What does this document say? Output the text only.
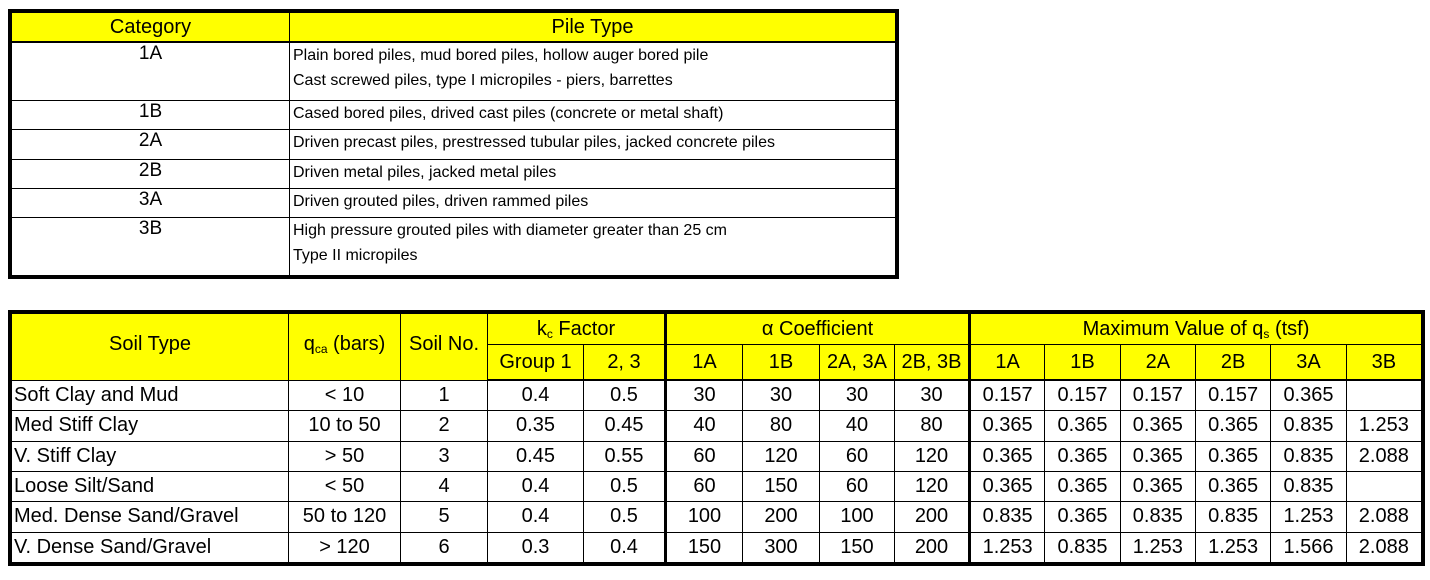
Category	Pile Type
1A	Plain bored piles, mud bored piles, hollow auger bored pile
Cast screwed piles, type I micropiles - piers, barrettes

1B	Cased bored piles, drived cast piles (concrete or metal shaft)

2A	Driven precast piles, prestressed tubular piles, jacked concrete piles

2B	Driven metal piles, jacked metal piles

3A	Driven grouted piles, driven rammed piles

3B	High pressure grouted piles with diameter greater than 25 cm
Type II micropiles
Soil Type	$q_{ca}$ (bars)	Soil No.	$k_c$ Factor		α Coefficient				Maximum Value of $q_s$ (tsf)					
			Group 1	2, 3	1A	1B	2A, 3A	2B, 3B	1A	1B	2A	2B	3A	3B
Soft Clay and Mud	< 10	1	0.4	0.5	30	30	30	30	0.157	0.157	0.157	0.157	0.365	
Med Stiff Clay	10 to 50	2	0.35	0.45	40	80	40	80	0.365	0.365	0.365	0.365	0.835	1.253
V. Stiff Clay	> 50	3	0.45	0.55	60	120	60	120	0.365	0.365	0.365	0.365	0.835	2.088
Loose Silt/Sand	< 50	4	0.4	0.5	60	150	60	120	0.365	0.365	0.365	0.365	0.835	
Med. Dense Sand/Gravel	50 to 120	5	0.4	0.5	100	200	100	200	0.835	0.365	0.835	0.835	1.253	2.088
V. Dense Sand/Gravel	> 120	6	0.3	0.4	150	300	150	200	1.253	0.835	1.253	1.253	1.566	2.088
